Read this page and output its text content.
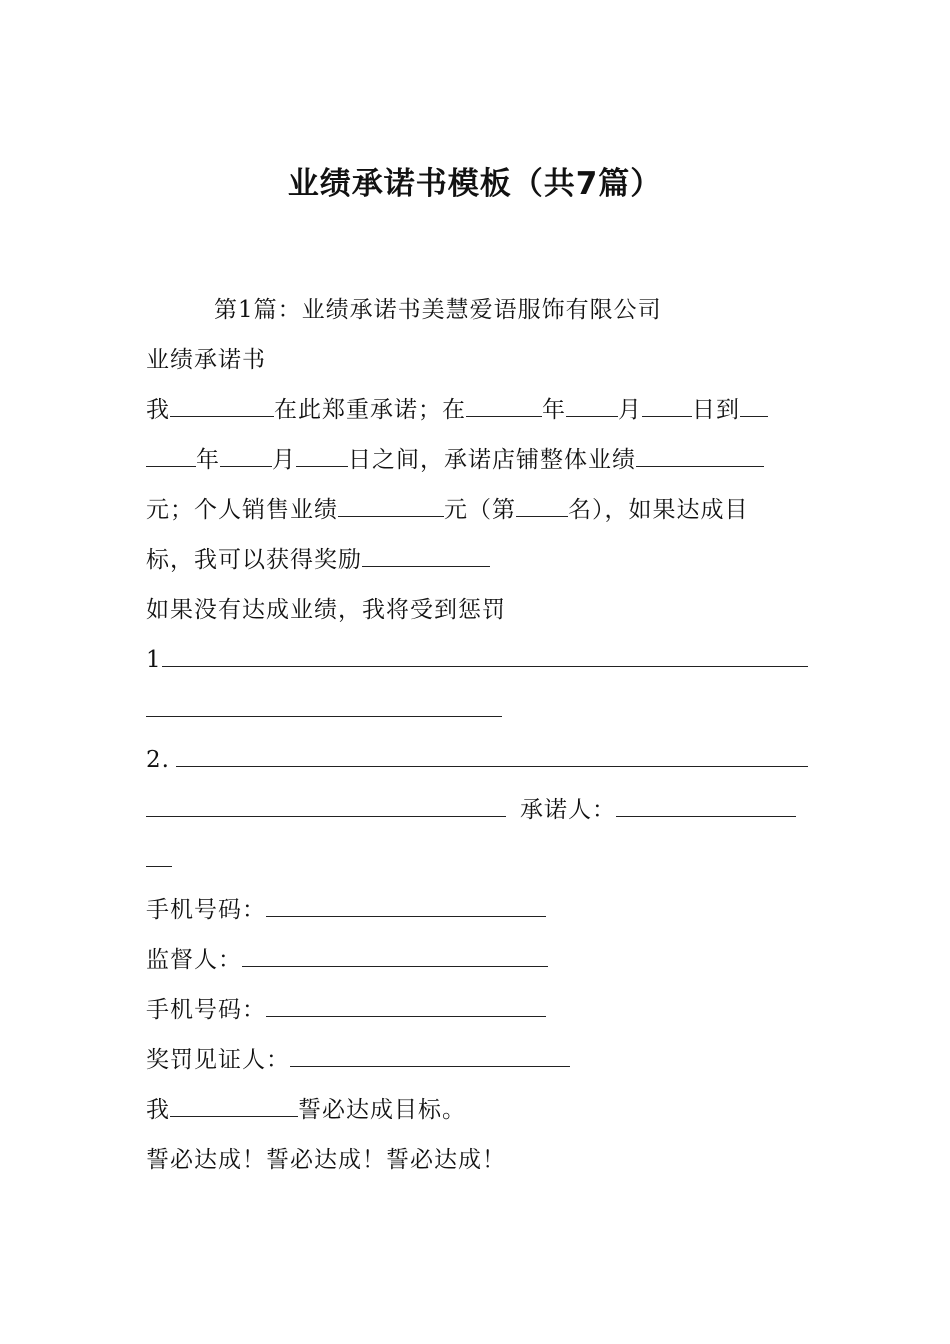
业绩承诺书模板（共7篇）
第1篇：业绩承诺书美慧爱语服饰有限公司
业绩承诺书
我	在此郑重承诺；在	年 月 日到
年 月 日之间，承诺店铺整体业绩
元；个人销售业绩	元（第 名），如果达成目
标，我可以获得奖励
如果没有达成业绩，我将受到惩罚
1
2.
承诺人：
手机号码：
监督人：
手机号码：
奖罚见证人：
我	誓必达成目标。
誓必达成！誓必达成！誓必达成！
